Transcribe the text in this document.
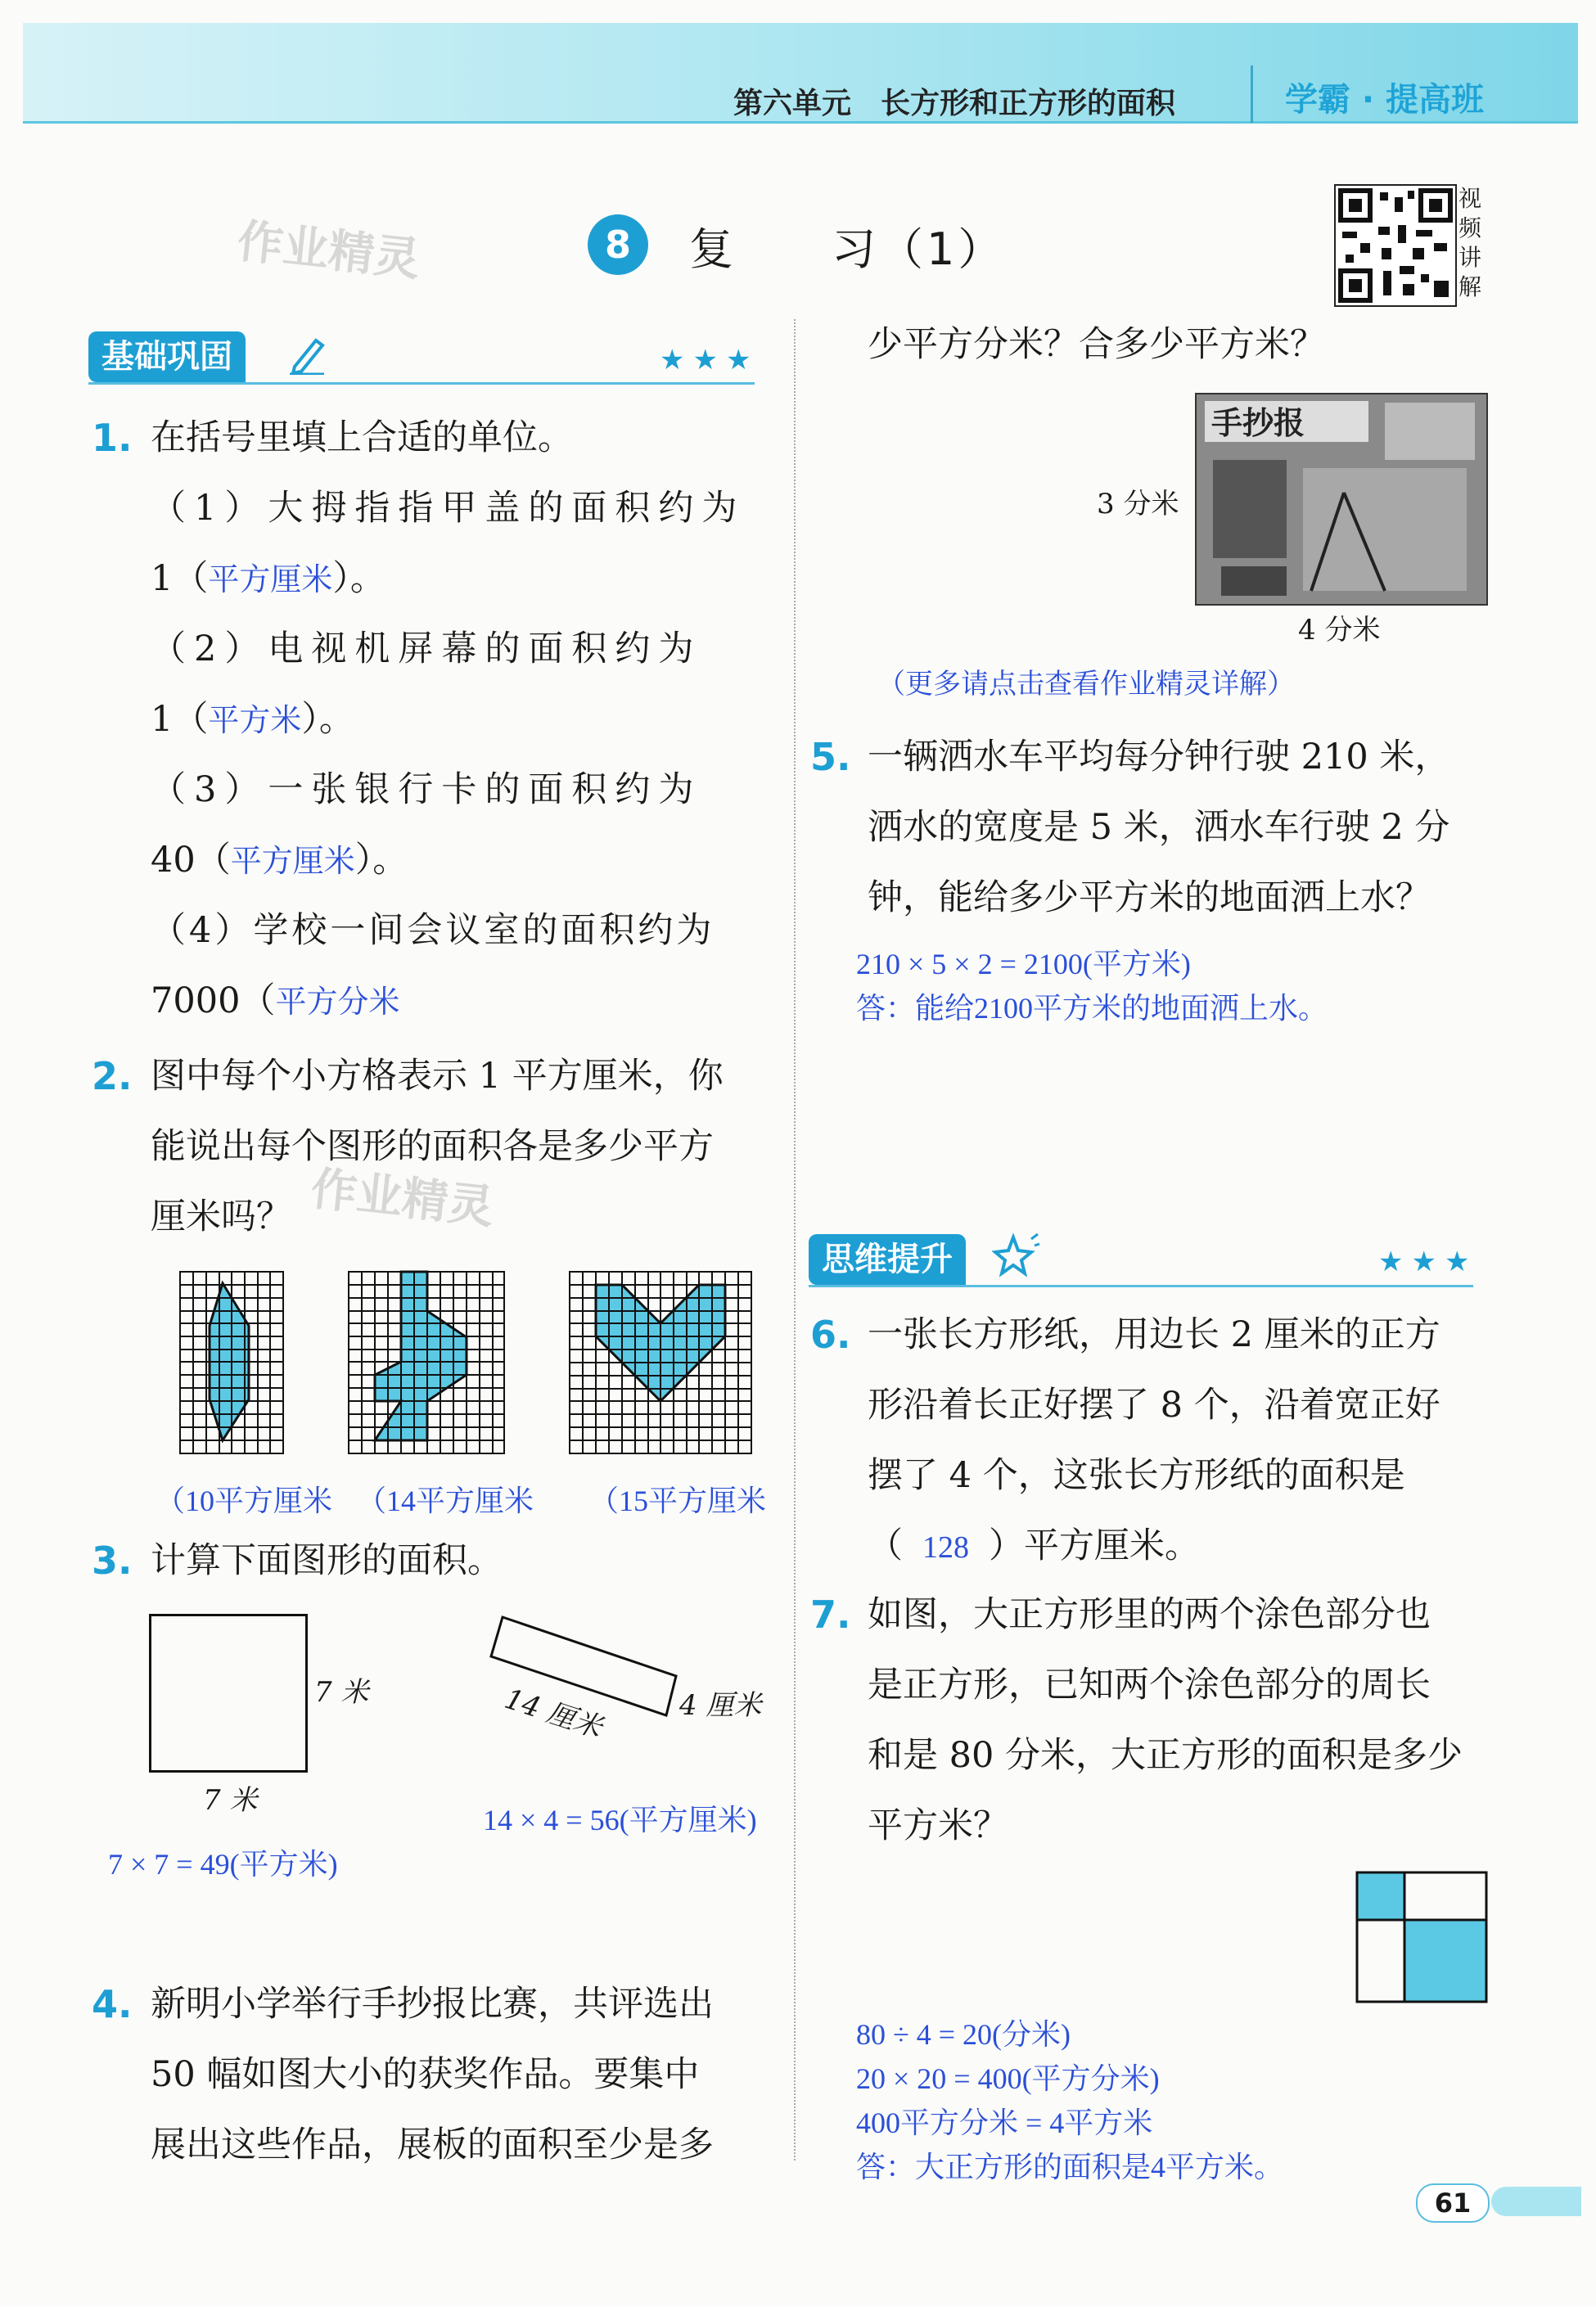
第六单元　长方形和正方形的面积	学霸 · 提高班
作业精灵	8	复　　习（1）
视
频
讲
解
基础巩固	★★★
1. 在括号里填上合适的单位。
（1）大拇指指甲盖的面积约为
1（平方厘米）。
（2）电视机屏幕的面积约为
1（平方米）。
（3）一张银行卡的面积约为
40（平方厘米）。
（4）学校一间会议室的面积约为
7000（平方分米
2. 图中每个小方格表示 1 平方厘米，你
能说出每个图形的面积各是多少平方
厘米吗？ 作业精灵
（10平方厘米 （14平方厘米 （15平方厘米
3. 计算下面图形的面积。
7 米
7 米
14 厘米	4 厘米
14 × 4 = 56(平方厘米)
7 × 7 = 49(平方米)
4. 新明小学举行手抄报比赛，共评选出
50 幅如图大小的获奖作品。要集中
展出这些作品，展板的面积至少是多
少平方分米？合多少平方米？
手抄报
3 分米
4 分米
（更多请点击查看作业精灵详解）
5. 一辆洒水车平均每分钟行驶 210 米，
洒水的宽度是 5 米，洒水车行驶 2 分
钟，能给多少平方米的地面洒上水？
210 × 5 × 2 = 2100(平方米)
答：能给2100平方米的地面洒上水。
思维提升	★★★
6. 一张长方形纸，用边长 2 厘米的正方
形沿着长正好摆了 8 个，沿着宽正好
摆了 4 个，这张长方形纸的面积是
（ 128 ）平方厘米。
7. 如图，大正方形里的两个涂色部分也
是正方形，已知两个涂色部分的周长
和是 80 分米，大正方形的面积是多少
平方米？
80 ÷ 4 = 20(分米)
20 × 20 = 400(平方分米)
400平方分米 = 4平方米
答：大正方形的面积是4平方米。
61
